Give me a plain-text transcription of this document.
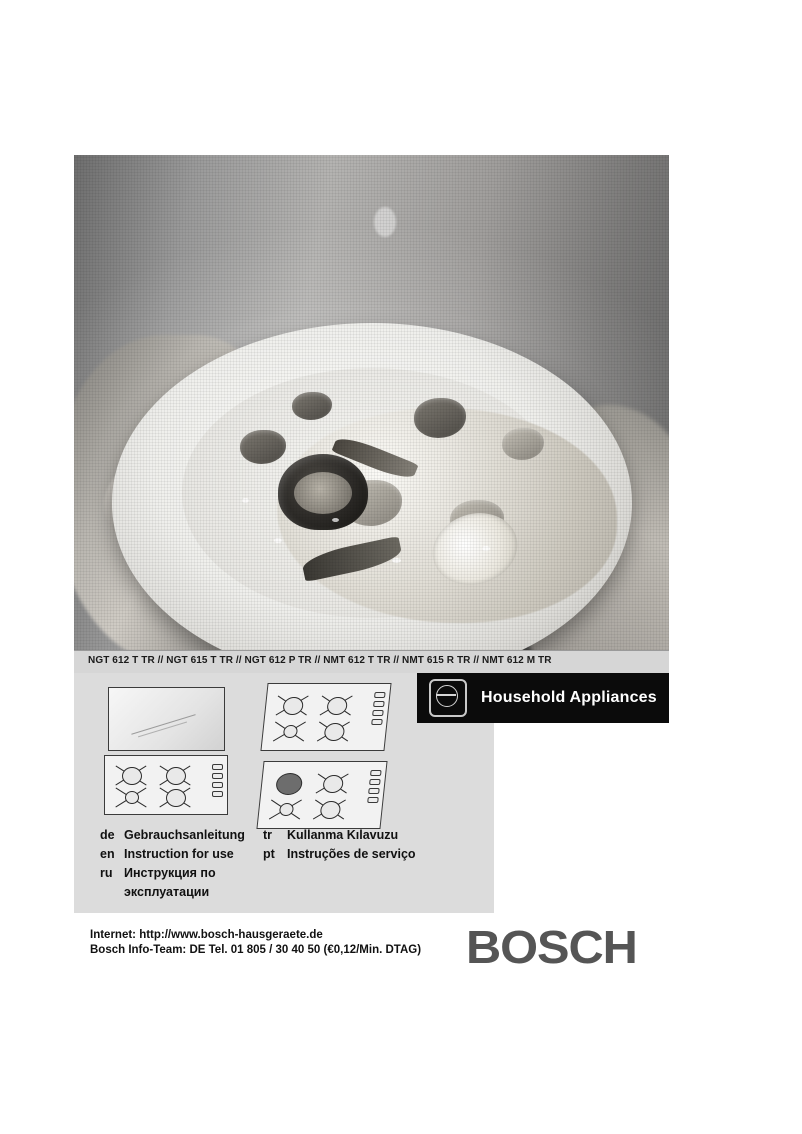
NGT 612 T TR // NGT 615 T TR // NGT 612 P TR // NMT 612 T TR // NMT 615 R TR // NMT 612 M TR
Household Appliances
de Gebrauchsanleitung
en Instruction for use
ru Инструкция по
эксплуатации
tr	Kullanma Kılavuzu
pt Instruções de serviço
Internet: http://www.bosch-hausgeraete.de
Bosch Info-Team: DE Tel. 01 805 / 30 40 50 (€0,12/Min. DTAG) BOSCH
